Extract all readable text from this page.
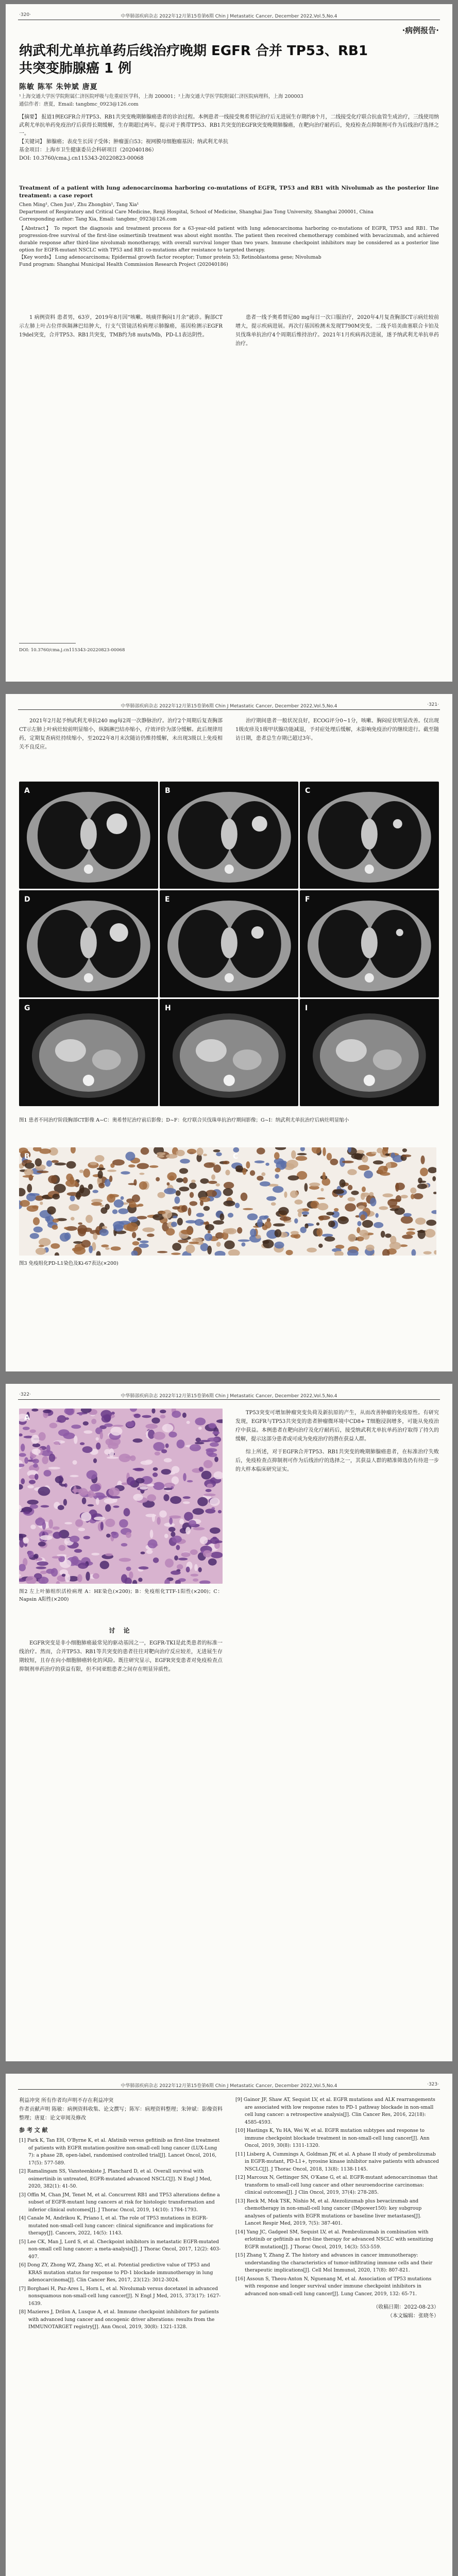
·320·	中华肺部疾病杂志 2022年12月第15卷第6期 Chin J Metastatic Cancer, December 2022,Vol.5,No.4
·病例报告·
纳武利尤单抗单药后线治疗晚期 EGFR 合并 TP53、RB1 共突变肺腺癌 1 例
陈敏 陈军 朱钟斌 唐夏
¹上海交通大学医学院附属仁济医院呼吸与危重症医学科，上海 200001；²上海交通大学医学院附属仁济医院病理科，上海 200003
通信作者：唐夏，Email: tangbmc_0923@126.com
【摘要】 报道1例EGFR合并TP53、RB1共突变晚期肺腺癌患者的诊治过程。本例患者一线接受奥希替尼治疗后无进展生存期约8个月，二线接受化疗联合抗血管生成治疗，三线使用纳武利尤单抗单药免疫治疗后获得长期缓解，生存期超过两年。提示对于携带TP53、RB1共突变的EGFR突变晚期肺腺癌，在靶向治疗耐药后，免疫检查点抑制剂可作为后线治疗选择之一。
【关键词】 肺腺癌；表皮生长因子受体；肿瘤蛋白53；视网膜母细胞瘤基因；纳武利尤单抗
基金项目：上海市卫生健康委员会科研项目（202040186）
DOI: 10.3760/cma.j.cn115343-20220823-00068
Treatment of a patient with lung adenocarcinoma harboring co-mutations of EGFR, TP53 and RB1 with Nivolumab as the posterior line treatment: a case report
Chen Ming¹, Chen Jun¹, Zhu Zhongbin¹, Tang Xia¹
Department of Respiratory and Critical Care Medicine, Renji Hospital, School of Medicine, Shanghai Jiao Tong University, Shanghai 200001, China
Corresponding author: Tang Xia, Email: tangbmc_0923@126.com
【Abstract】 To report the diagnosis and treatment process for a 63-year-old patient with lung adenocarcinoma harboring co-mutations of EGFR, TP53 and RB1. The progression-free survival of the first-line osimertinib treatment was about eight months. The patient then received chemotherapy combined with bevacizumab, and achieved durable response after third-line nivolumab monotherapy, with overall survival longer than two years. Immune checkpoint inhibitors may be considered as a posterior line option for EGFR-mutant NSCLC with TP53 and RB1 co-mutations after resistance to targeted therapy.
【Key words】 Lung adenocarcinoma; Epidermal growth factor receptor; Tumor protein 53; Retinoblastoma gene; Nivolumab
Fund program: Shanghai Municipal Health Commission Research Project (202040186)

1 病例资料 患者男，63岁，2019年8月因“咳嗽、咳痰伴胸闷1月余”就诊。胸部CT示左肺上叶占位伴纵隔淋巴结肿大，行支气管镜活检病理示肺腺癌，基因检测示EGFR 19del突变，合并TP53、RB1共突变，TMB约为8 muts/Mb，PD-L1表达阴性。

患者一线予奥希替尼80 mg每日一次口服治疗，2020年4月复查胸部CT示病灶较前增大，提示疾病进展。再次行基因检测未发现T790M突变。二线予培美曲塞联合卡铂及贝伐珠单抗治疗4个周期后维持治疗。2021年1月疾病再次进展，遂予纳武利尤单抗单药治疗。

DOI: 10.3760/cma.j.cn115343-20220823-00068
中华肺部疾病杂志 2022年12月第15卷第6期 Chin J Metastatic Cancer, December 2022,Vol.5,No.4	·321·

2021年2月起予纳武利尤单抗240 mg每2周一次静脉治疗。治疗2个周期后复查胸部CT示左肺上叶病灶较前明显缩小，纵隔淋巴结亦缩小，疗效评价为部分缓解。此后规律用药，定期复查病灶持续缩小，至2022年8月末次随访仍维持缓解，未出现3级以上免疫相关不良反应。

治疗期间患者一般状况良好，ECOG评分0~1分，咳嗽、胸闷症状明显改善。仅出现1级皮疹及1级甲状腺功能减退，予对症处理后缓解，未影响免疫治疗的继续进行。截至随访日期，患者总生存期已超过3年。

A	B	C
D	E	F
G	H	I
图1 患者不同治疗阶段胸部CT影像 A~C：奥希替尼治疗前后影像；D~F：化疗联合贝伐珠单抗治疗期间影像；G~I：纳武利尤单抗治疗后病灶明显缩小
B	C
图3 免疫组化PD-L1染色及Ki-67表达(×200)
·322·	中华肺部疾病杂志 2022年12月第15卷第6期 Chin J Metastatic Cancer, December 2022,Vol.5,No.4
A
图2 左上叶肺组织活检病理 A：HE染色(×200)；B：免疫组化TTF-1阳性(×200)；C：Napsin A阳性(×200)
讨 论

EGFR突变是非小细胞肺癌最常见的驱动基因之一，EGFR-TKI是此类患者的标准一线治疗。然而，合并TP53、RB1等共突变的患者往往对靶向治疗反应较差，无进展生存期较短，且存在向小细胞肺癌转化的风险。既往研究显示，EGFR突变患者对免疫检查点抑制剂单药治疗的获益有限，但不同亚组患者之间存在明显异质性。

TP53突变可增加肿瘤突变负荷及新抗原的产生，从而改善肿瘤的免疫原性。有研究发现，EGFR与TP53共突变的患者肿瘤微环境中CD8+ T细胞浸润增多，可能从免疫治疗中获益。本例患者在靶向治疗及化疗耐药后，接受纳武利尤单抗单药治疗取得了持久的缓解，提示这部分患者或可成为免疫治疗的潜在获益人群。

综上所述，对于EGFR合并TP53、RB1共突变的晚期肺腺癌患者，在标准治疗失败后，免疫检查点抑制剂可作为后线治疗的选择之一，其获益人群的精准筛选仍有待进一步的大样本临床研究证实。

中华肺部疾病杂志 2022年12月第15卷第6期 Chin J Metastatic Cancer, December 2022,Vol.5,No.4	·323·
利益冲突 所有作者均声明不存在利益冲突
作者贡献声明 陈敏：病例资料收集、论文撰写；陈军：病理资料整理；朱钟斌：影像资料整理；唐夏：论文审阅及修改
参 考 文 献
[1] Park K, Tan EH, O'Byrne K, et al. Afatinib versus gefitinib as first-line treatment of patients with EGFR mutation-positive non-small-cell lung cancer (LUX-Lung 7): a phase 2B, open-label, randomised controlled trial[J]. Lancet Oncol, 2016, 17(5): 577-589.
[2] Ramalingam SS, Vansteenkiste J, Planchard D, et al. Overall survival with osimertinib in untreated, EGFR-mutated advanced NSCLC[J]. N Engl J Med, 2020, 382(1): 41-50.
[3] Offin M, Chan JM, Tenet M, et al. Concurrent RB1 and TP53 alterations define a subset of EGFR-mutant lung cancers at risk for histologic transformation and inferior clinical outcomes[J]. J Thorac Oncol, 2019, 14(10): 1784-1793.
[4] Canale M, Andrikou K, Priano I, et al. The role of TP53 mutations in EGFR-mutated non-small-cell lung cancer: clinical significance and implications for therapy[J]. Cancers, 2022, 14(5): 1143.
[5] Lee CK, Man J, Lord S, et al. Checkpoint inhibitors in metastatic EGFR-mutated non-small cell lung cancer: a meta-analysis[J]. J Thorac Oncol, 2017, 12(2): 403-407.
[6] Dong ZY, Zhong WZ, Zhang XC, et al. Potential predictive value of TP53 and KRAS mutation status for response to PD-1 blockade immunotherapy in lung adenocarcinoma[J]. Clin Cancer Res, 2017, 23(12): 3012-3024.
[7] Borghaei H, Paz-Ares L, Horn L, et al. Nivolumab versus docetaxel in advanced nonsquamous non-small-cell lung cancer[J]. N Engl J Med, 2015, 373(17): 1627-1639.
[8] Mazieres J, Drilon A, Lusque A, et al. Immune checkpoint inhibitors for patients with advanced lung cancer and oncogenic driver alterations: results from the IMMUNOTARGET registry[J]. Ann Oncol, 2019, 30(8): 1321-1328.
[9] Gainor JF, Shaw AT, Sequist LV, et al. EGFR mutations and ALK rearrangements are associated with low response rates to PD-1 pathway blockade in non-small cell lung cancer: a retrospective analysis[J]. Clin Cancer Res, 2016, 22(18): 4585-4593.
[10] Hastings K, Yu HA, Wei W, et al. EGFR mutation subtypes and response to immune checkpoint blockade treatment in non-small-cell lung cancer[J]. Ann Oncol, 2019, 30(8): 1311-1320.
[11] Lisberg A, Cummings A, Goldman JW, et al. A phase II study of pembrolizumab in EGFR-mutant, PD-L1+, tyrosine kinase inhibitor naive patients with advanced NSCLC[J]. J Thorac Oncol, 2018, 13(8): 1138-1145.
[12] Marcoux N, Gettinger SN, O'Kane G, et al. EGFR-mutant adenocarcinomas that transform to small-cell lung cancer and other neuroendocrine carcinomas: clinical outcomes[J]. J Clin Oncol, 2019, 37(4): 278-285.
[13] Reck M, Mok TSK, Nishio M, et al. Atezolizumab plus bevacizumab and chemotherapy in non-small-cell lung cancer (IMpower150): key subgroup analyses of patients with EGFR mutations or baseline liver metastases[J]. Lancet Respir Med, 2019, 7(5): 387-401.
[14] Yang JC, Gadgeel SM, Sequist LV, et al. Pembrolizumab in combination with erlotinib or gefitinib as first-line therapy for advanced NSCLC with sensitizing EGFR mutation[J]. J Thorac Oncol, 2019, 14(3): 553-559.
[15] Zhang Y, Zhang Z. The history and advances in cancer immunotherapy: understanding the characteristics of tumor-infiltrating immune cells and their therapeutic implications[J]. Cell Mol Immunol, 2020, 17(8): 807-821.
[16] Assoun S, Theou-Anton N, Nguenang M, et al. Association of TP53 mutations with response and longer survival under immune checkpoint inhibitors in advanced non-small-cell lung cancer[J]. Lung Cancer, 2019, 132: 65-71.
（收稿日期：2022-08-23）
（本文编辑：张晓冬）
